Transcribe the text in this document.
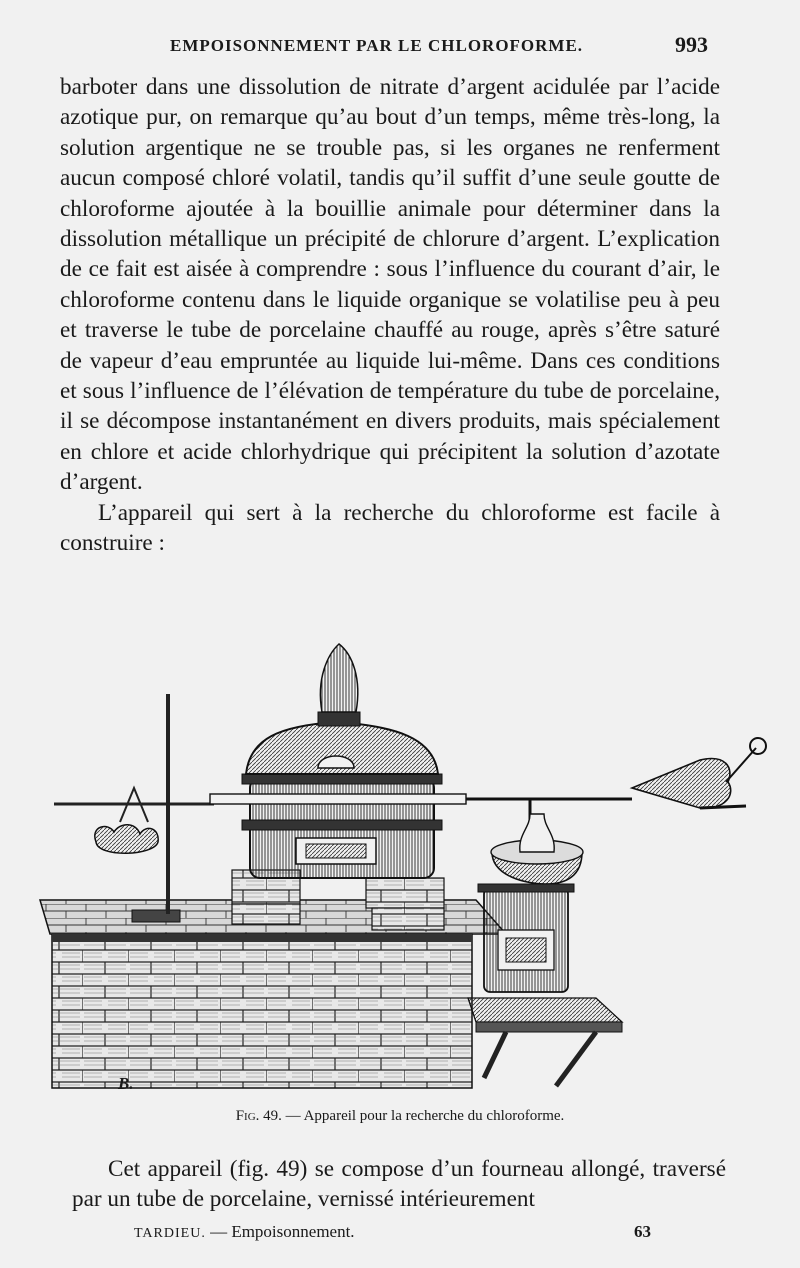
EMPOISONNEMENT PAR LE CHLOROFORME.	993

barboter dans une dissolution de nitrate d’argent acidulée par l’acide azotique pur, on remarque qu’au bout d’un temps, même très-long, la solution argentique ne se trouble pas, si les organes ne renferment aucun composé chloré volatil, tandis qu’il suffit d’une seule goutte de chloroforme ajoutée à la bouillie animale pour déterminer dans la dissolution métallique un précipité de chlorure d’argent. L’explication de ce fait est aisée à comprendre : sous l’influence du courant d’air, le chloroforme contenu dans le liquide organique se volatilise peu à peu et traverse le tube de porcelaine chauffé au rouge, après s’être saturé de vapeur d’eau empruntée au liquide lui-même. Dans ces conditions et sous l’influence de l’élévation de température du tube de porcelaine, il se décompose instantanément en divers produits, mais spécialement en chlore et acide chlorhydrique qui précipitent la solution d’azotate d’argent.

L’appareil qui sert à la recherche du chloroforme est facile à construire :

B.
Fig. 49. — Appareil pour la recherche du chloroforme.

Cet appareil (fig. 49) se compose d’un fourneau allongé, traversé par un tube de porcelaine, vernissé intérieurement

TARDIEU. — Empoisonnement.	63
